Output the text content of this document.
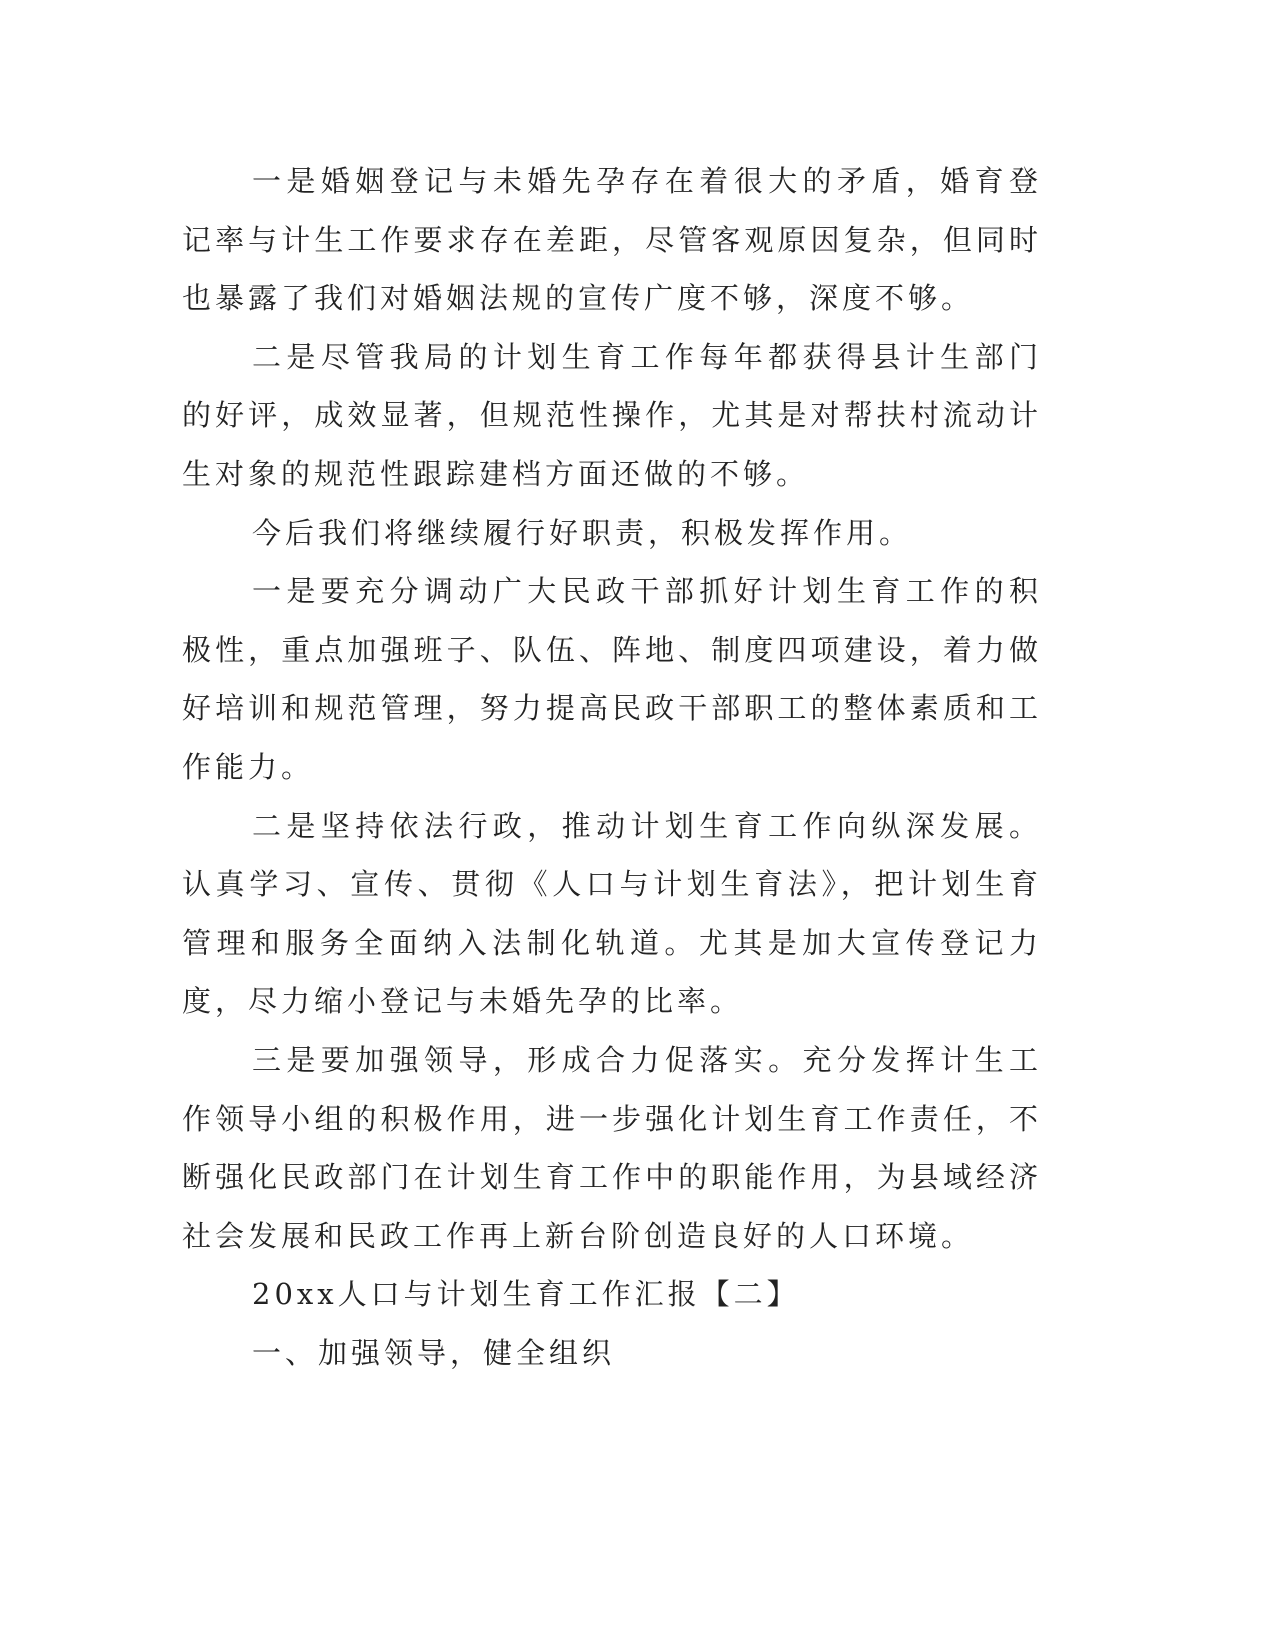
一是婚姻登记与未婚先孕存在着很大的矛盾，婚育登记率与计生工作要求存在差距，尽管客观原因复杂，但同时也暴露了我们对婚姻法规的宣传广度不够，深度不够。

二是尽管我局的计划生育工作每年都获得县计生部门的好评，成效显著，但规范性操作，尤其是对帮扶村流动计生对象的规范性跟踪建档方面还做的不够。

今后我们将继续履行好职责，积极发挥作用。

一是要充分调动广大民政干部抓好计划生育工作的积极性，重点加强班子、队伍、阵地、制度四项建设，着力做好培训和规范管理，努力提高民政干部职工的整体素质和工作能力。

二是坚持依法行政，推动计划生育工作向纵深发展。认真学习、宣传、贯彻《人口与计划生育法》，把计划生育管理和服务全面纳入法制化轨道。尤其是加大宣传登记力度，尽力缩小登记与未婚先孕的比率。

三是要加强领导，形成合力促落实。充分发挥计生工作领导小组的积极作用，进一步强化计划生育工作责任，不断强化民政部门在计划生育工作中的职能作用，为县域经济社会发展和民政工作再上新台阶创造良好的人口环境。

20xx人口与计划生育工作汇报【二】

一、加强领导，健全组织
